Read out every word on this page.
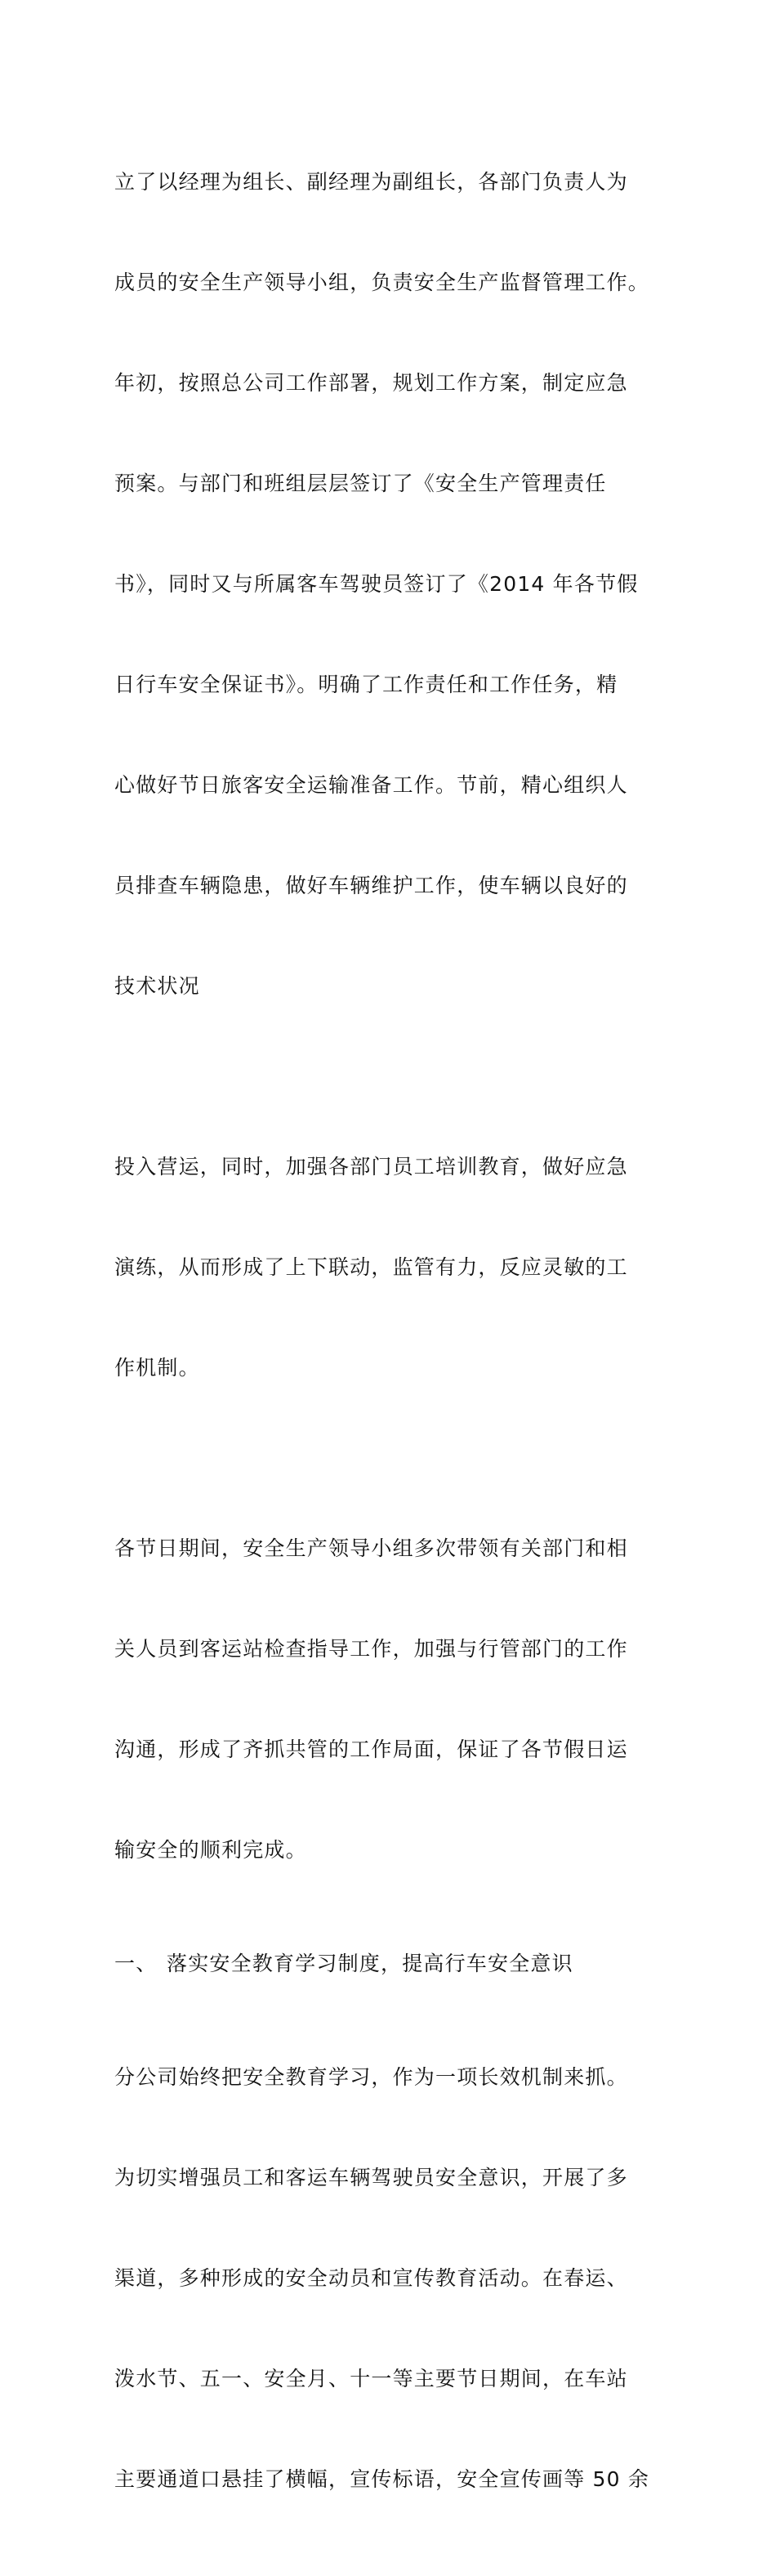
立了以经理为组长、副经理为副组长，各部门负责人为

成员的安全生产领导小组，负责安全生产监督管理工作。

年初，按照总公司工作部署，规划工作方案，制定应急

预案。与部门和班组层层签订了《安全生产管理责任

书》，同时又与所属客车驾驶员签订了《2014 年各节假

日行车安全保证书》。明确了工作责任和工作任务，精

心做好节日旅客安全运输准备工作。节前，精心组织人

员排查车辆隐患，做好车辆维护工作，使车辆以良好的

技术状况

投入营运，同时，加强各部门员工培训教育，做好应急

演练，从而形成了上下联动，监管有力，反应灵敏的工

作机制。

各节日期间，安全生产领导小组多次带领有关部门和相

关人员到客运站检查指导工作，加强与行管部门的工作

沟通，形成了齐抓共管的工作局面，保证了各节假日运

输安全的顺利完成。

一、 落实安全教育学习制度，提高行车安全意识

分公司始终把安全教育学习，作为一项长效机制来抓。

为切实增强员工和客运车辆驾驶员安全意识，开展了多

渠道，多种形成的安全动员和宣传教育活动。在春运、

泼水节、五一、安全月、十一等主要节日期间，在车站

主要通道口悬挂了横幅，宣传标语，安全宣传画等 50 余
